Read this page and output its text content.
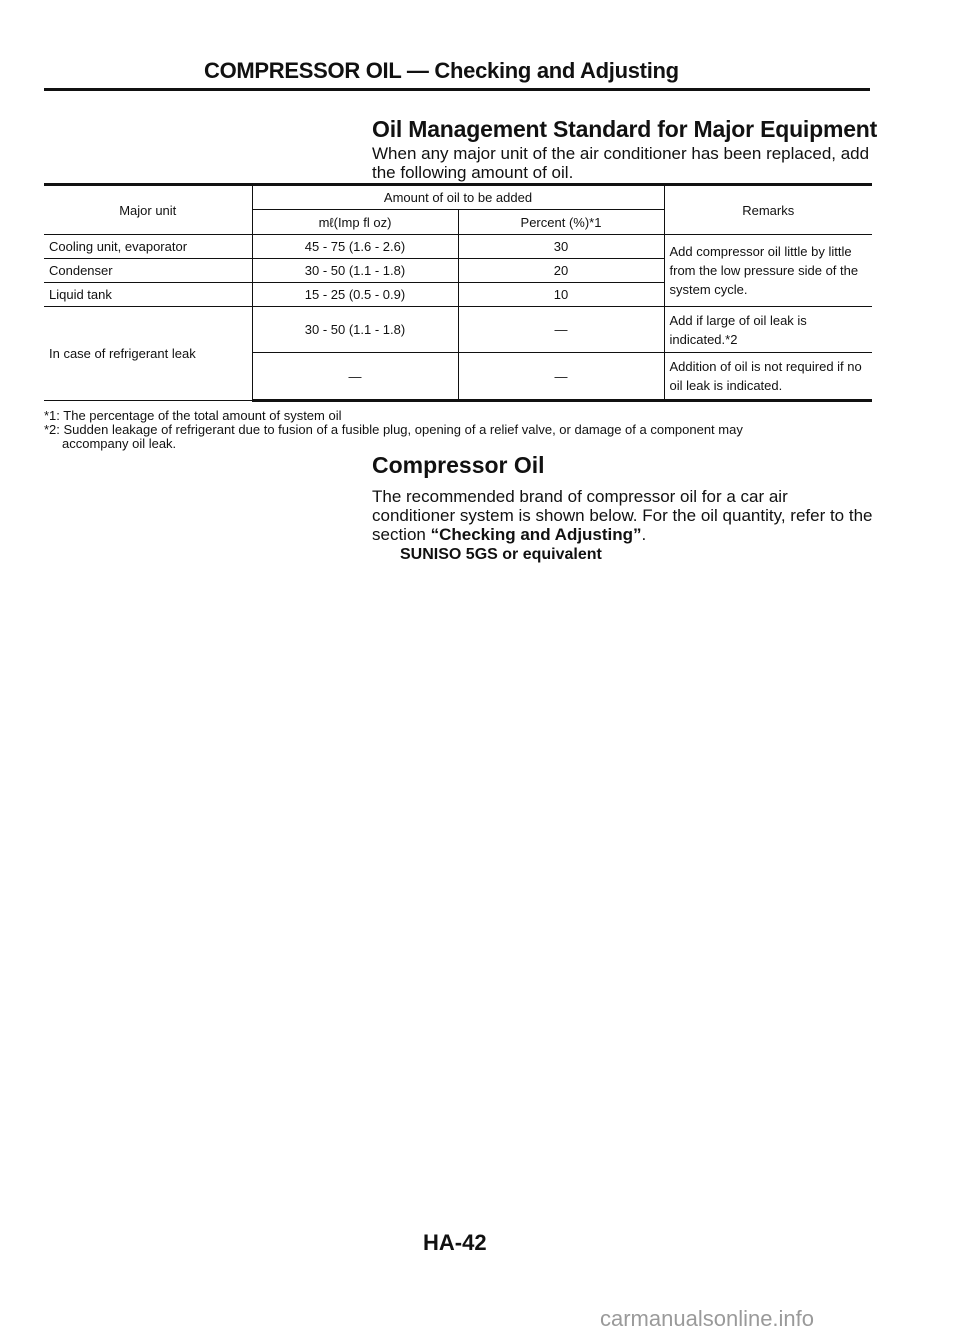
COMPRESSOR OIL — Checking and Adjusting
Oil Management Standard for Major Equipment
When any major unit of the air conditioner has been replaced, add the following amount of oil.
Major unit	Amount of oil to be added		Remarks
	mℓ(Imp fl oz)	Percent (%)*1	
Cooling unit, evaporator	45 - 75 (1.6 - 2.6)	30	Add compressor oil little by little from the low pressure side of the system cycle.
Condenser	30 - 50 (1.1 - 1.8)	20	
Liquid tank	15 - 25 (0.5 - 0.9)	10	
In case of refrigerant leak	30 - 50 (1.1 - 1.8)	—	Add if large of oil leak is indicated.*2
	—	—	Addition of oil is not required if no oil leak is indicated.
*1: The percentage of the total amount of system oil
*2: Sudden leakage of refrigerant due to fusion of a fusible plug, opening of a relief valve, or damage of a component may
accompany oil leak.
Compressor Oil
The recommended brand of compressor oil for a car air conditioner system is shown below. For the oil quantity, refer to the section “Checking and Adjusting”.
SUNISO 5GS or equivalent
HA-42
carmanualsonline.info
